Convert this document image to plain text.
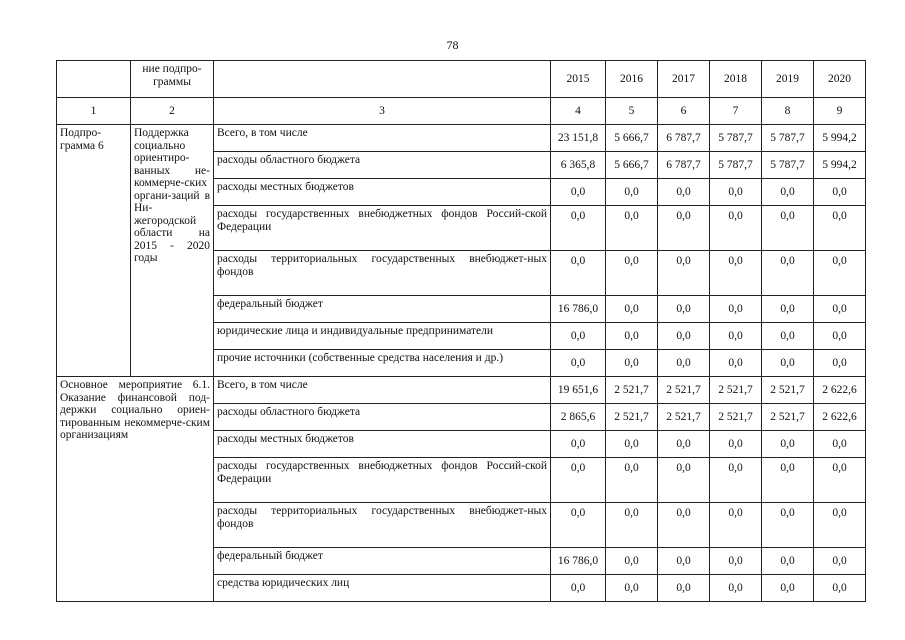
78
	ние подпро-граммы		2015	2016	2017	2018	2019	2020
1	2	3	4	5	6	7	8	9
Подпро-грамма 6	Поддержка социально ориентиро-ванных не-коммерче-ских органи-заций в Ни-жегородской области на 2015 - 2020 годы	Всего, в том числе	23 151,8	5 666,7	6 787,7	5 787,7	5 787,7	5 994,2
		расходы областного бюджета	6 365,8	5 666,7	6 787,7	5 787,7	5 787,7	5 994,2
		расходы местных бюджетов	0,0	0,0	0,0	0,0	0,0	0,0
		расходы государственных внебюджетных фондов Россий-ской Федерации	0,0	0,0	0,0	0,0	0,0	0,0
		расходы территориальных государственных внебюджет-ных фондов	0,0	0,0	0,0	0,0	0,0	0,0
		федеральный бюджет	16 786,0	0,0	0,0	0,0	0,0	0,0
		юридические лица и индивидуальные предприниматели	0,0	0,0	0,0	0,0	0,0	0,0
		прочие источники (собственные средства населения и др.)	0,0	0,0	0,0	0,0	0,0	0,0
Основное мероприятие 6.1. Оказание финансовой под-держки социально ориен-тированным некоммерче-ским организациям		Всего, в том числе	19 651,6	2 521,7	2 521,7	2 521,7	2 521,7	2 622,6
		расходы областного бюджета	2 865,6	2 521,7	2 521,7	2 521,7	2 521,7	2 622,6
		расходы местных бюджетов	0,0	0,0	0,0	0,0	0,0	0,0
		расходы государственных внебюджетных фондов Россий-ской Федерации	0,0	0,0	0,0	0,0	0,0	0,0
		расходы территориальных государственных внебюджет-ных фондов	0,0	0,0	0,0	0,0	0,0	0,0
		федеральный бюджет	16 786,0	0,0	0,0	0,0	0,0	0,0
		средства юридических лиц	0,0	0,0	0,0	0,0	0,0	0,0
